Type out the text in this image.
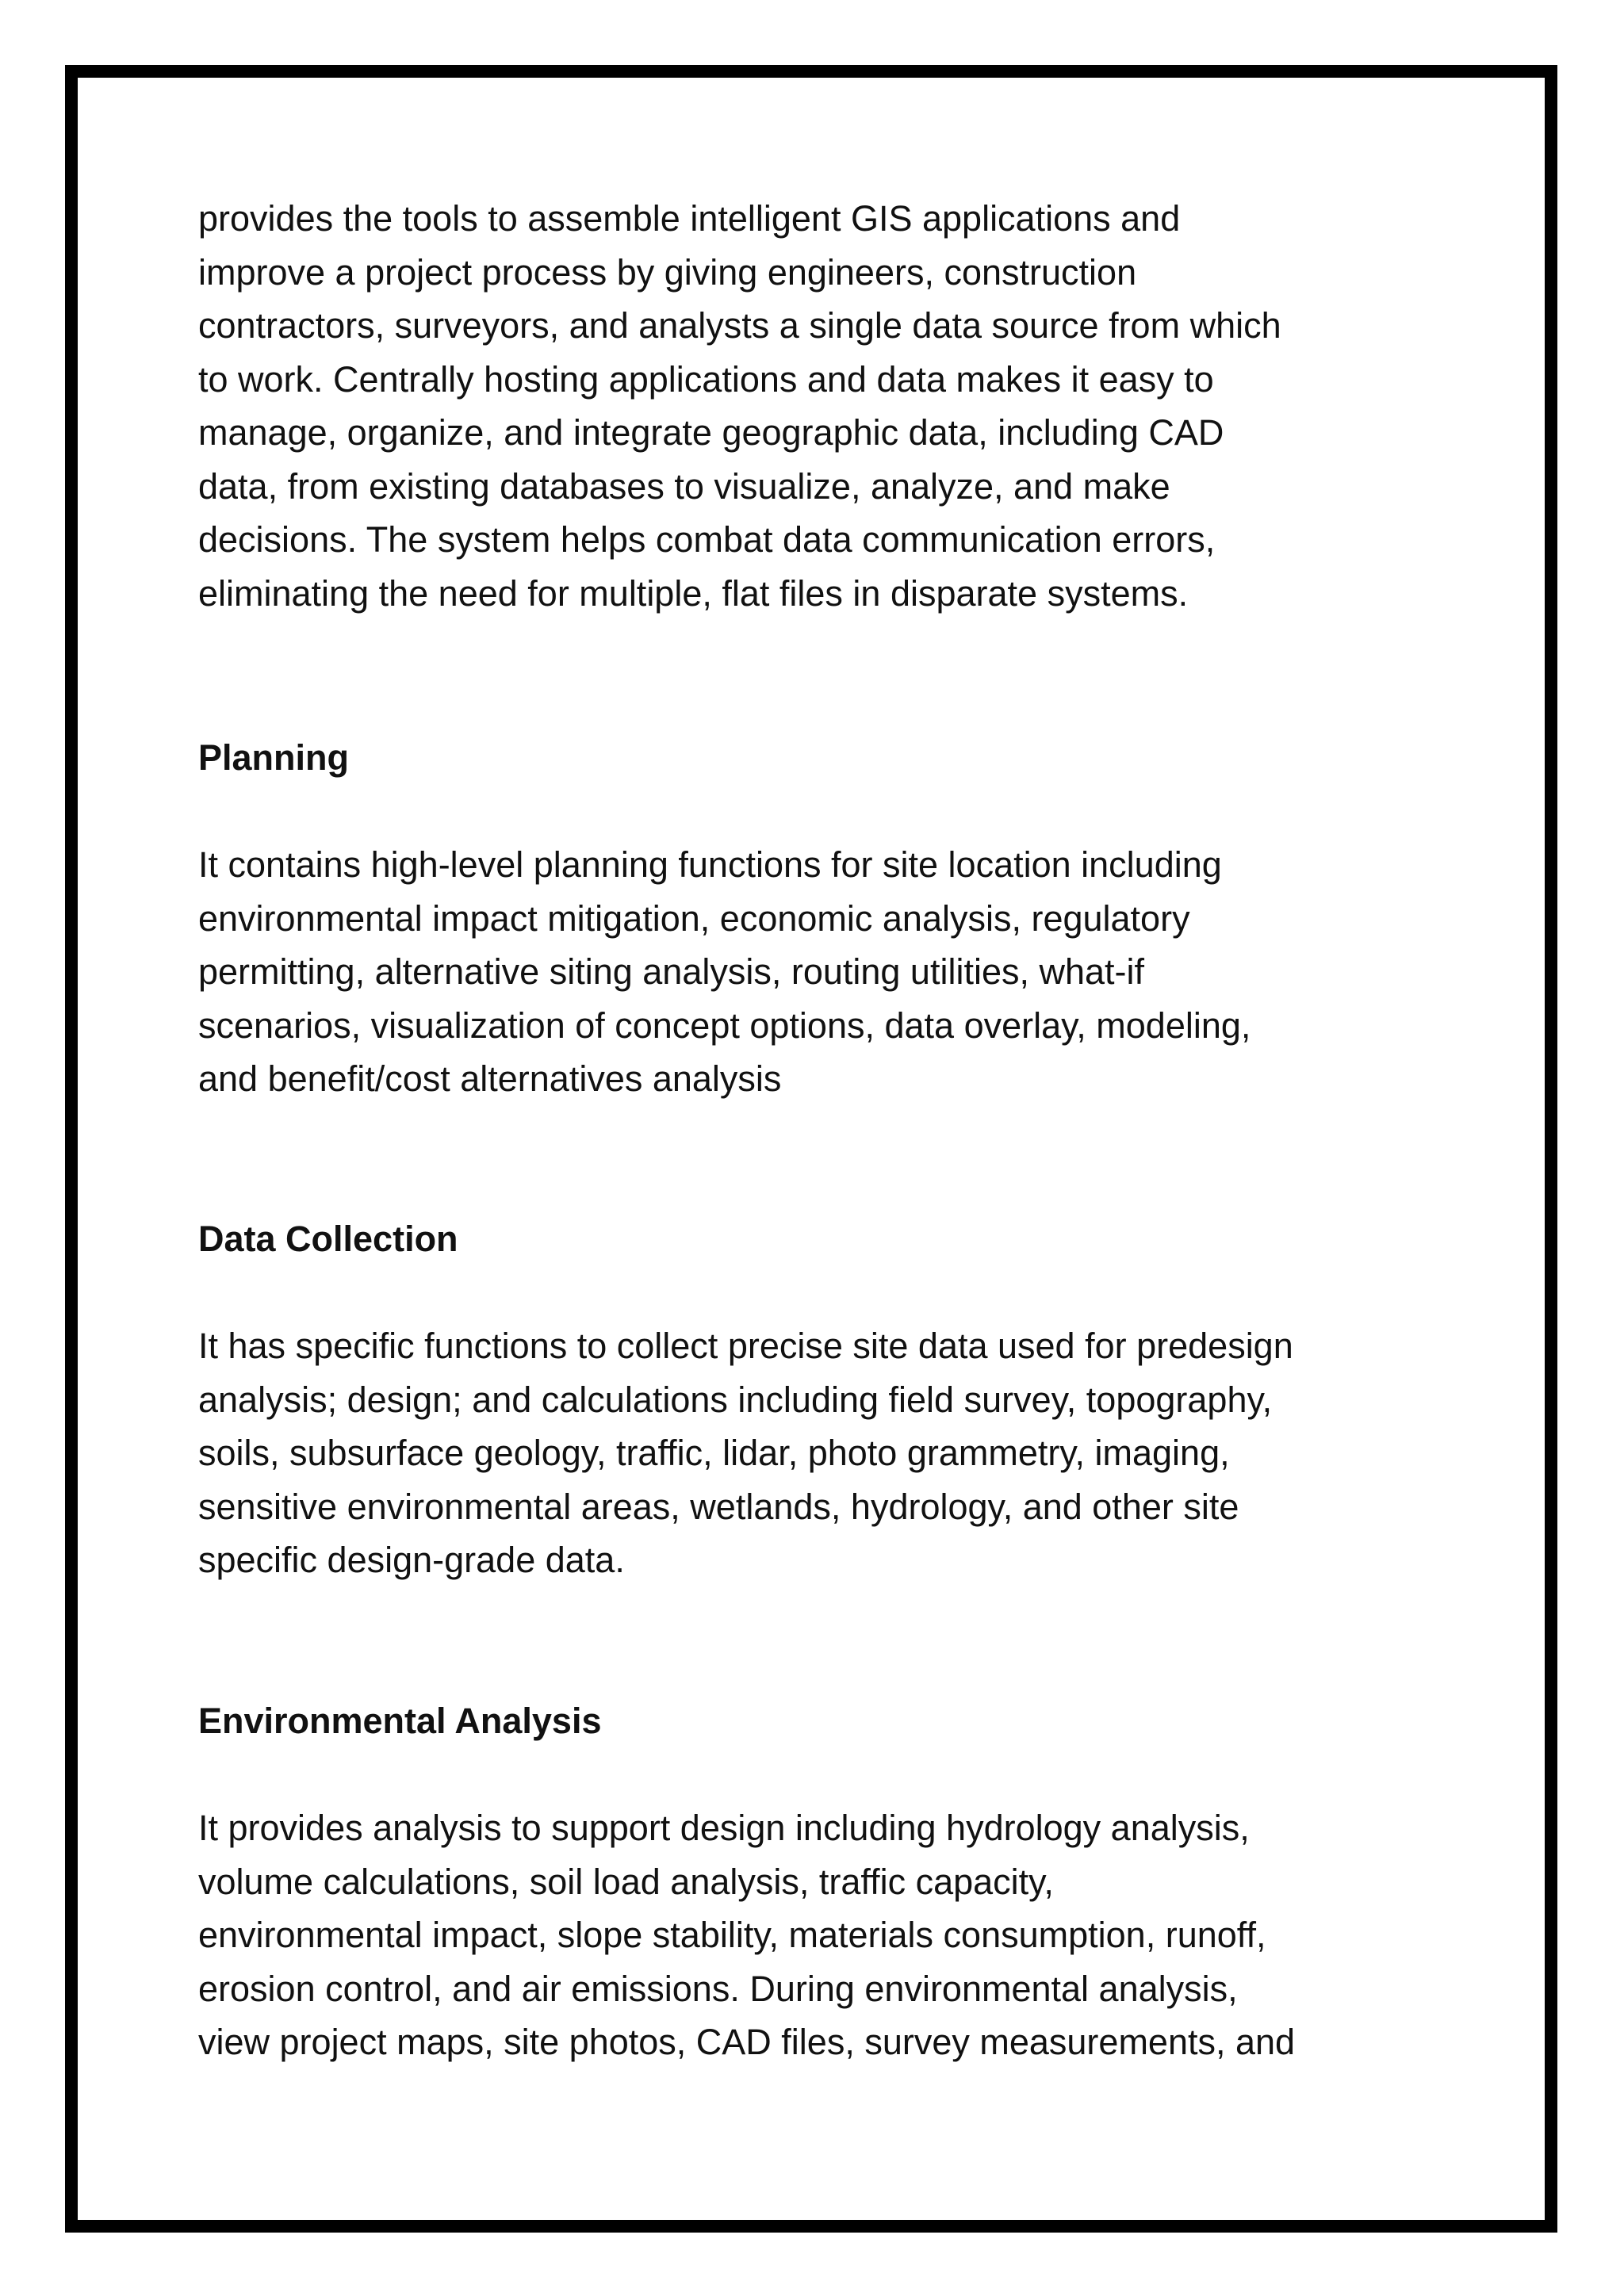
provides the tools to assemble intelligent GIS applications and
improve a project process by giving engineers, construction
contractors, surveyors, and analysts a single data source from which
to work. Centrally hosting applications and data makes it easy to
manage, organize, and integrate geographic data, including CAD
data, from existing databases to visualize, analyze, and make
decisions. The system helps combat data communication errors,
eliminating the need for multiple, flat files in disparate systems.

Planning

It contains high-level planning functions for site location including
environmental impact mitigation, economic analysis, regulatory
permitting, alternative siting analysis, routing utilities, what-if
scenarios, visualization of concept options, data overlay, modeling,
and benefit/cost alternatives analysis

Data Collection

It has specific functions to collect precise site data used for predesign
analysis; design; and calculations including field survey, topography,
soils, subsurface geology, traffic, lidar, photo grammetry, imaging,
sensitive environmental areas, wetlands, hydrology, and other site
specific design-grade data.

Environmental Analysis

It provides analysis to support design including hydrology analysis,
volume calculations, soil load analysis, traffic capacity,
environmental impact, slope stability, materials consumption, runoff,
erosion control, and air emissions. During environmental analysis,
view project maps, site photos, CAD files, survey measurements, and
